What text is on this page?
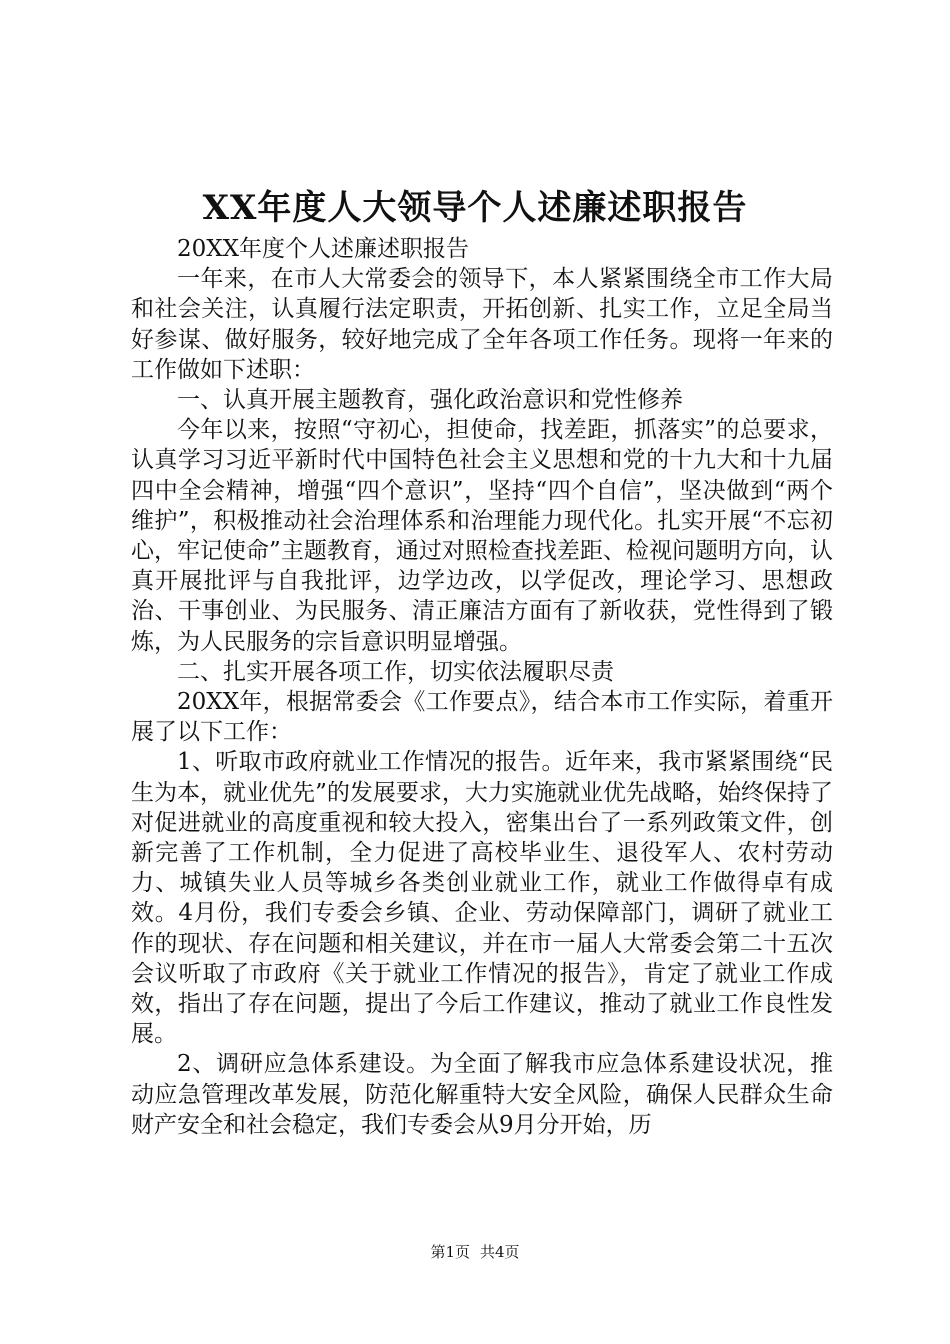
XX年度人大领导个人述廉述职报告

20XX年度个人述廉述职报告

一年来，在市人大常委会的领导下，本人紧紧围绕全市工作大局和社会关注，认真履行法定职责，开拓创新、扎实工作，立足全局当好参谋、做好服务，较好地完成了全年各项工作任务。现将一年来的工作做如下述职：

一、认真开展主题教育，强化政治意识和党性修养

今年以来，按照“守初心，担使命，找差距，抓落实”的总要求，认真学习习近平新时代中国特色社会主义思想和党的十九大和十九届四中全会精神，增强“四个意识”，坚持“四个自信”，坚决做到“两个维护”，积极推动社会治理体系和治理能力现代化。扎实开展“不忘初心，牢记使命”主题教育，通过对照检查找差距、检视问题明方向，认真开展批评与自我批评，边学边改，以学促改，理论学习、思想政治、干事创业、为民服务、清正廉洁方面有了新收获，党性得到了锻炼，为人民服务的宗旨意识明显增强。

二、扎实开展各项工作，切实依法履职尽责

20XX年，根据常委会《工作要点》，结合本市工作实际，着重开展了以下工作：

1、听取市政府就业工作情况的报告。近年来，我市紧紧围绕“民生为本，就业优先”的发展要求，大力实施就业优先战略，始终保持了对促进就业的高度重视和较大投入，密集出台了一系列政策文件，创新完善了工作机制，全力促进了高校毕业生、退役军人、农村劳动力、城镇失业人员等城乡各类创业就业工作，就业工作做得卓有成效。4月份，我们专委会乡镇、企业、劳动保障部门，调研了就业工作的现状、存在问题和相关建议，并在市一届人大常委会第二十五次会议听取了市政府《关于就业工作情况的报告》，肯定了就业工作成效，指出了存在问题，提出了今后工作建议，推动了就业工作良性发展。

2、调研应急体系建设。为全面了解我市应急体系建设状况，推动应急管理改革发展，防范化解重特大安全风险，确保人民群众生命财产安全和社会稳定，我们专委会从9月分开始，历

第1页 共4页
